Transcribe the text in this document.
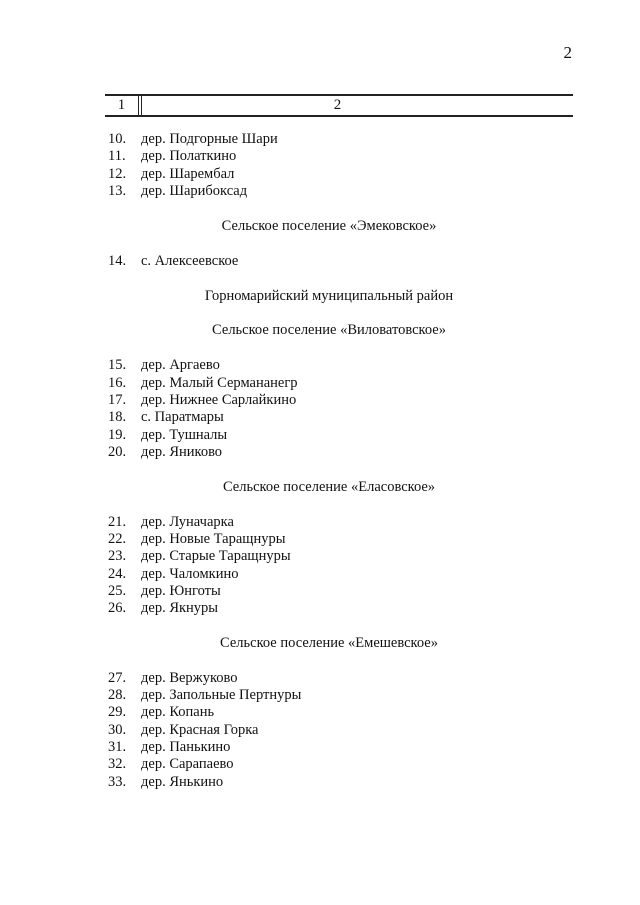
2
1	2
10. дер. Подгорные Шари
11. дер. Полаткино
12. дер. Шарембал
13. дер. Шарибоксад
Сельское поселение «Эмековское»
14. с. Алексеевское
Горномарийский муниципальный район
Сельское поселение «Виловатовское»
15. дер. Аргаево
16. дер. Малый Сермананегр
17. дер. Нижнее Сарлайкино
18. с. Паратмары
19. дер. Тушналы
20. дер. Яниково
Сельское поселение «Еласовское»
21. дер. Луначарка
22. дер. Новые Таращнуры
23. дер. Старые Таращнуры
24. дер. Чаломкино
25. дер. Юнготы
26. дер. Якнуры
Сельское поселение «Емешевское»
27. дер. Вержуково
28. дер. Запольные Пертнуры
29. дер. Копань
30. дер. Красная Горка
31. дер. Панькино
32. дер. Сарапаево
33. дер. Янькино
